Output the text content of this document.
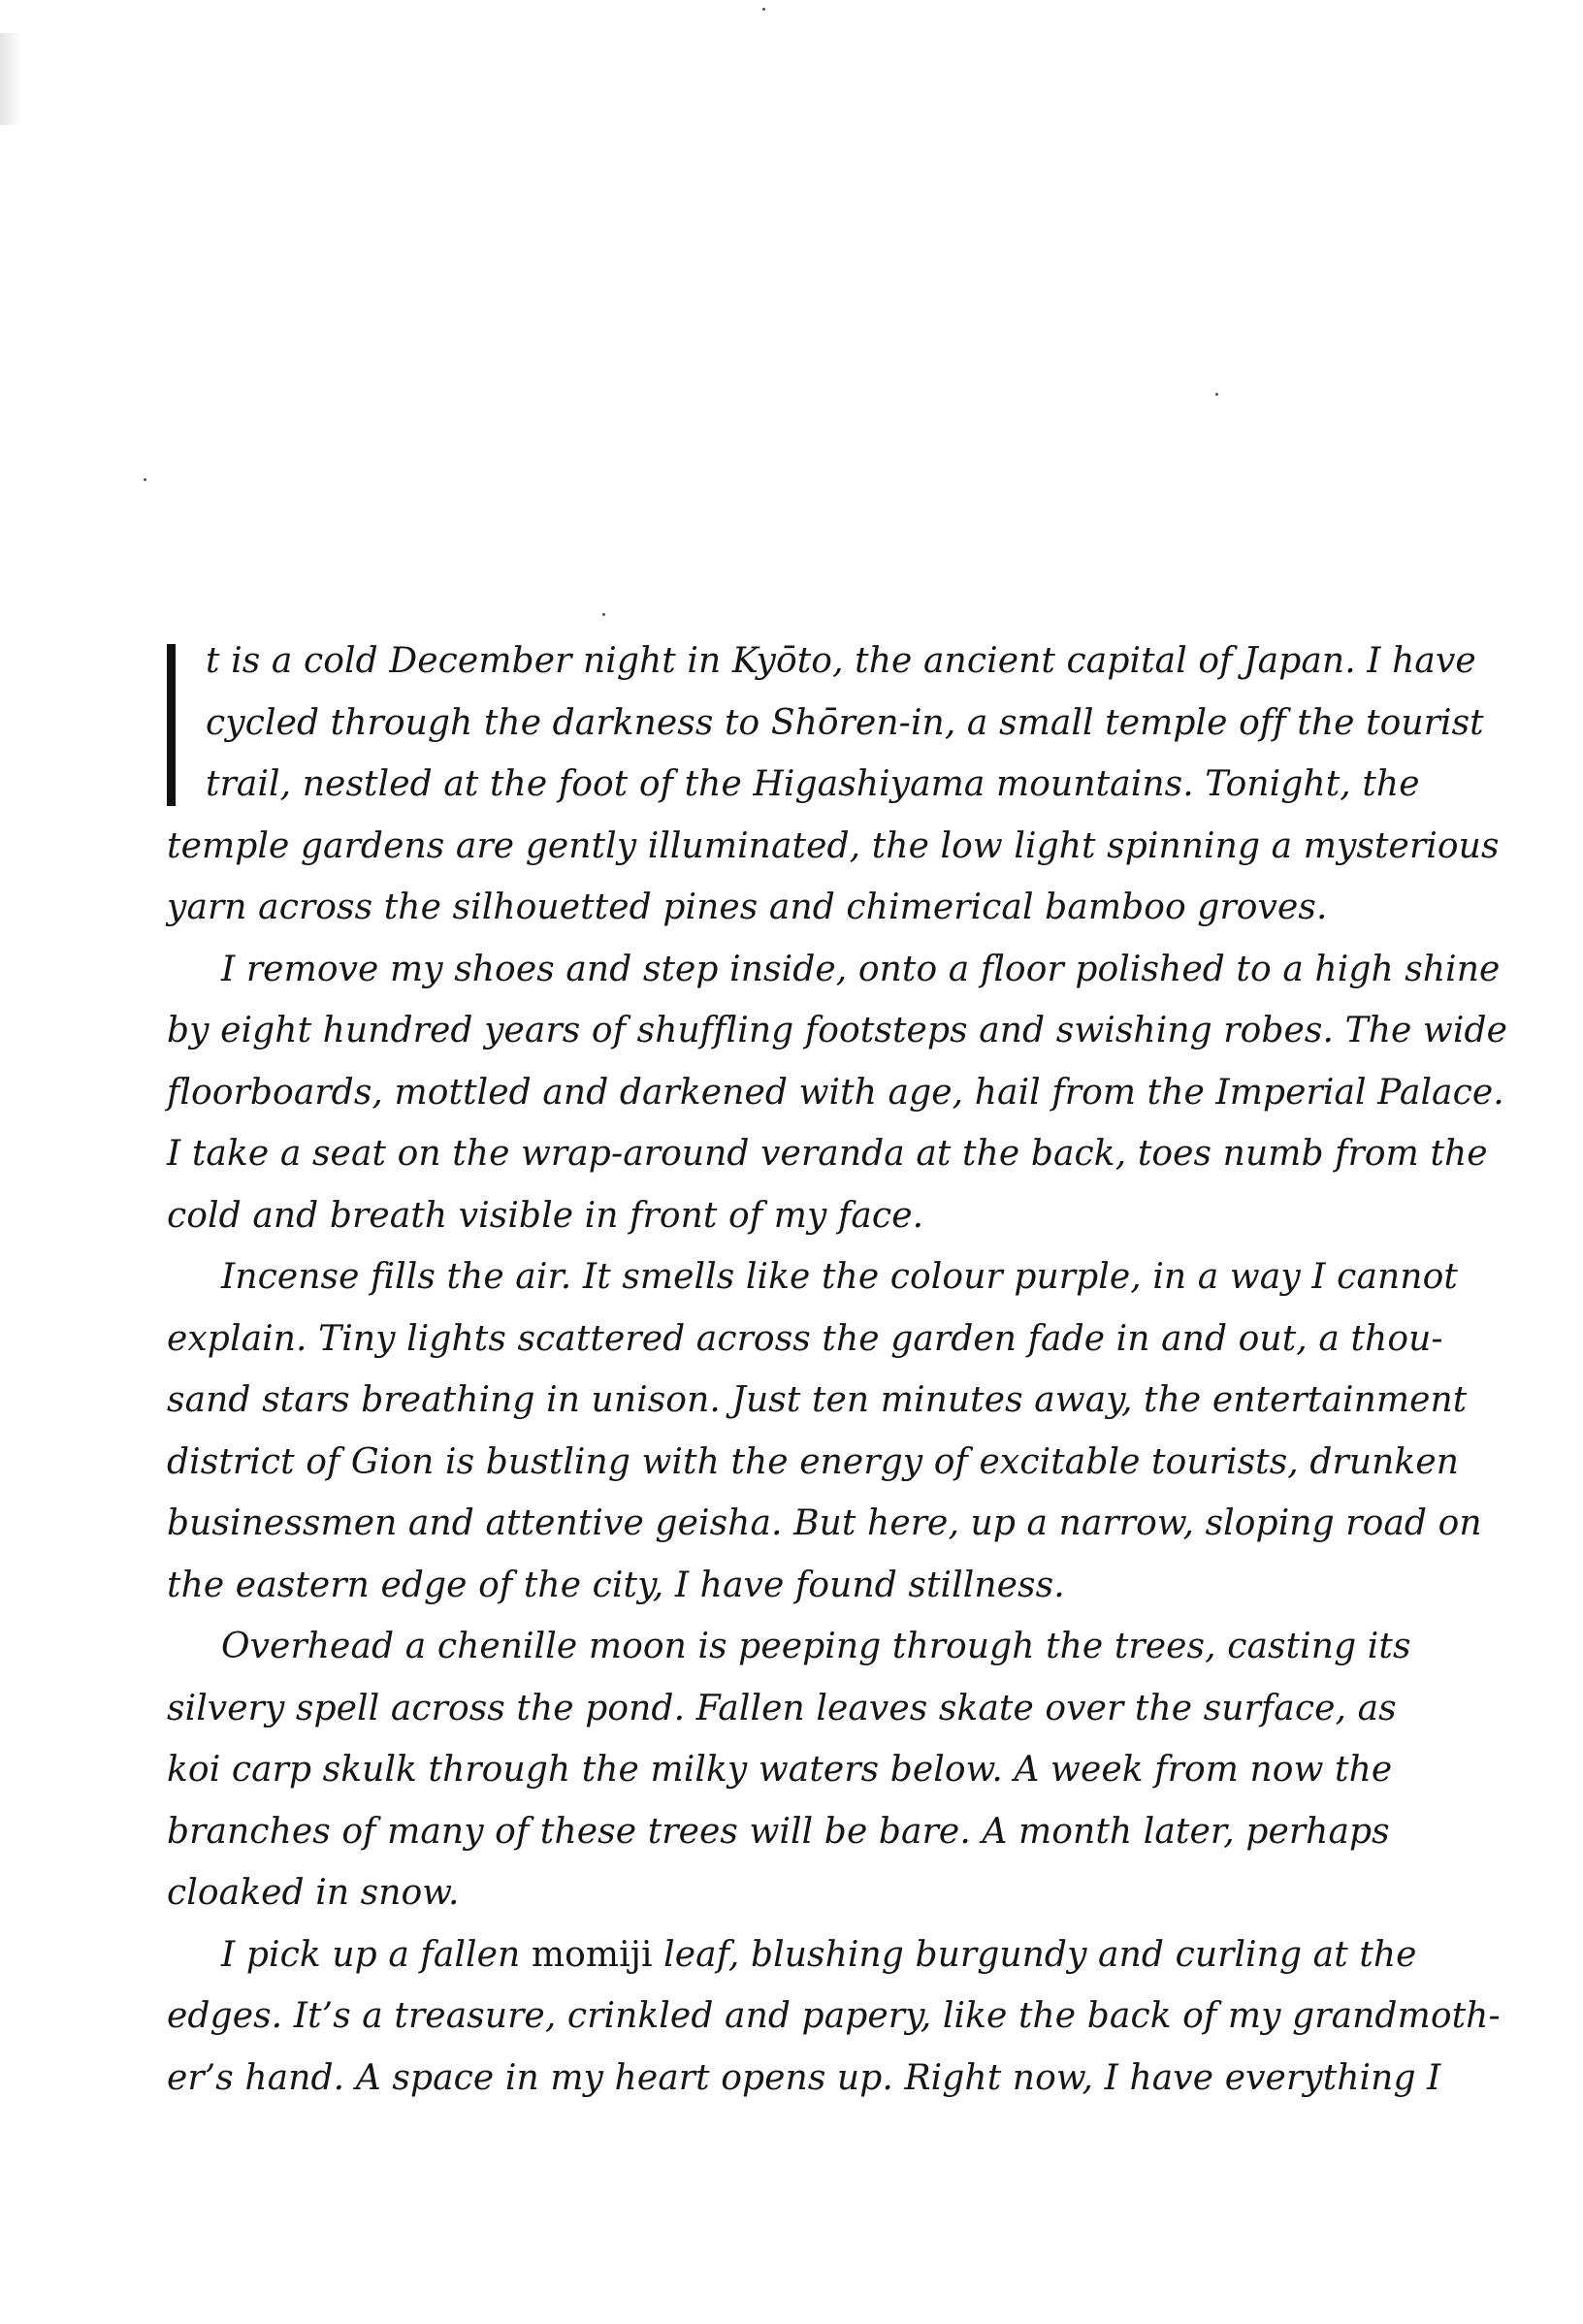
t is a cold December night in Kyōto, the ancient capital of Japan. I have
cycled through the darkness to Shōren-in, a small temple off the tourist
trail, nestled at the foot of the Higashiyama mountains. Tonight, the
temple gardens are gently illuminated, the low light spinning a mysterious
yarn across the silhouetted pines and chimerical bamboo groves.
I remove my shoes and step inside, onto a floor polished to a high shine
by eight hundred years of shuffling footsteps and swishing robes. The wide
floorboards, mottled and darkened with age, hail from the Imperial Palace.
I take a seat on the wrap-around veranda at the back, toes numb from the
cold and breath visible in front of my face.
Incense fills the air. It smells like the colour purple, in a way I cannot
explain. Tiny lights scattered across the garden fade in and out, a thou-
sand stars breathing in unison. Just ten minutes away, the entertainment
district of Gion is bustling with the energy of excitable tourists, drunken
businessmen and attentive geisha. But here, up a narrow, sloping road on
the eastern edge of the city, I have found stillness.
Overhead a chenille moon is peeping through the trees, casting its
silvery spell across the pond. Fallen leaves skate over the surface, as
koi carp skulk through the milky waters below. A week from now the
branches of many of these trees will be bare. A month later, perhaps
cloaked in snow.
I pick up a fallen momiji leaf, blushing burgundy and curling at the
edges. It’s a treasure, crinkled and papery, like the back of my grandmoth-
er’s hand. A space in my heart opens up. Right now, I have everything I
